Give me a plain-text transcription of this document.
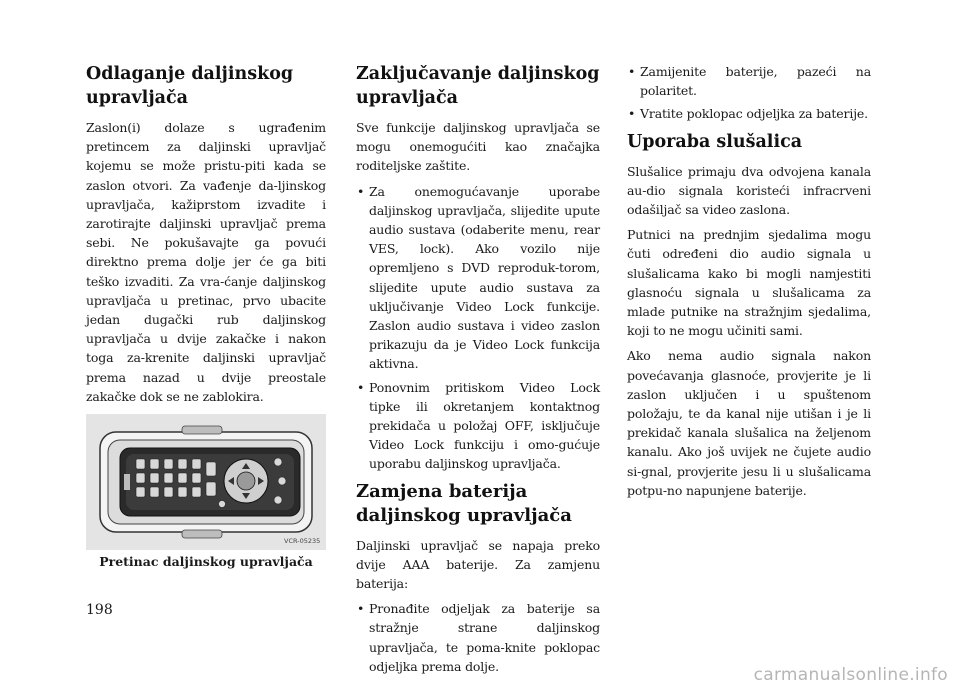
Odlaganje daljinskog upravljača

Zaslon(i) dolaze s ugrađenim pretincem za daljinski upravljač kojemu se može pristu-piti kada se zaslon otvori. Za vađenje da-ljinskog upravljača, kažiprstom izvadite i zarotirajte daljinski upravljač prema sebi. Ne pokušavajte ga povući direktno prema dolje jer će ga biti teško izvaditi. Za vra-ćanje daljinskog upravljača u pretinac, prvo ubacite jedan dugački rub daljinskog upravljača u dvije zakačke i nakon toga za-krenite daljinski upravljač prema nazad u dvije preostale zakačke dok se ne zablokira.

VCR-05235
Pretinac daljinskog upravljača
Zaključavanje daljinskog upravljača

Sve funkcije daljinskog upravljača se mogu onemogućiti kao značajka roditeljske zaštite.

• Za onemogućavanje uporabe daljinskog upravljača, slijedite upute audio sustava (odaberite menu, rear VES, lock). Ako vozilo nije opremljeno s DVD reproduk-torom, slijedite upute audio sustava za uključivanje Video Lock funkcije. Zaslon audio sustava i video zaslon prikazuju da je Video Lock funkcija aktivna.
• Ponovnim pritiskom Video Lock tipke ili okretanjem kontaktnog prekidača u položaj OFF, isključuje Video Lock funkciju i omo-gućuje uporabu daljinskog upravljača.
Zamjena baterija daljinskog upravljača

Daljinski upravljač se napaja preko dvije AAA baterije. Za zamjenu baterija:

• Pronađite odjeljak za baterije sa stražnje strane daljinskog upravljača, te poma-knite poklopac odjeljka prema dolje.
• Zamijenite baterije, pazeći na polaritet.
• Vratite poklopac odjeljka za baterije.
Uporaba slušalica

Slušalice primaju dva odvojena kanala au-dio signala koristeći infracrveni odašiljač sa video zaslona.

Putnici na prednjim sjedalima mogu čuti određeni dio audio signala u slušalicama kako bi mogli namjestiti glasnoću signala u slušalicama za mlade putnike na stražnjim sjedalima, koji to ne mogu učiniti sami.

Ako nema audio signala nakon povećavanja glasnoće, provjerite je li zaslon uključen i u spuštenom položaju, te da kanal nije utišan i je li prekidač kanala slušalica na željenom kanalu. Ako još uvijek ne čujete audio si-gnal, provjerite jesu li u slušalicama potpu-no napunjene baterije.

198
carmanualsonline.info
